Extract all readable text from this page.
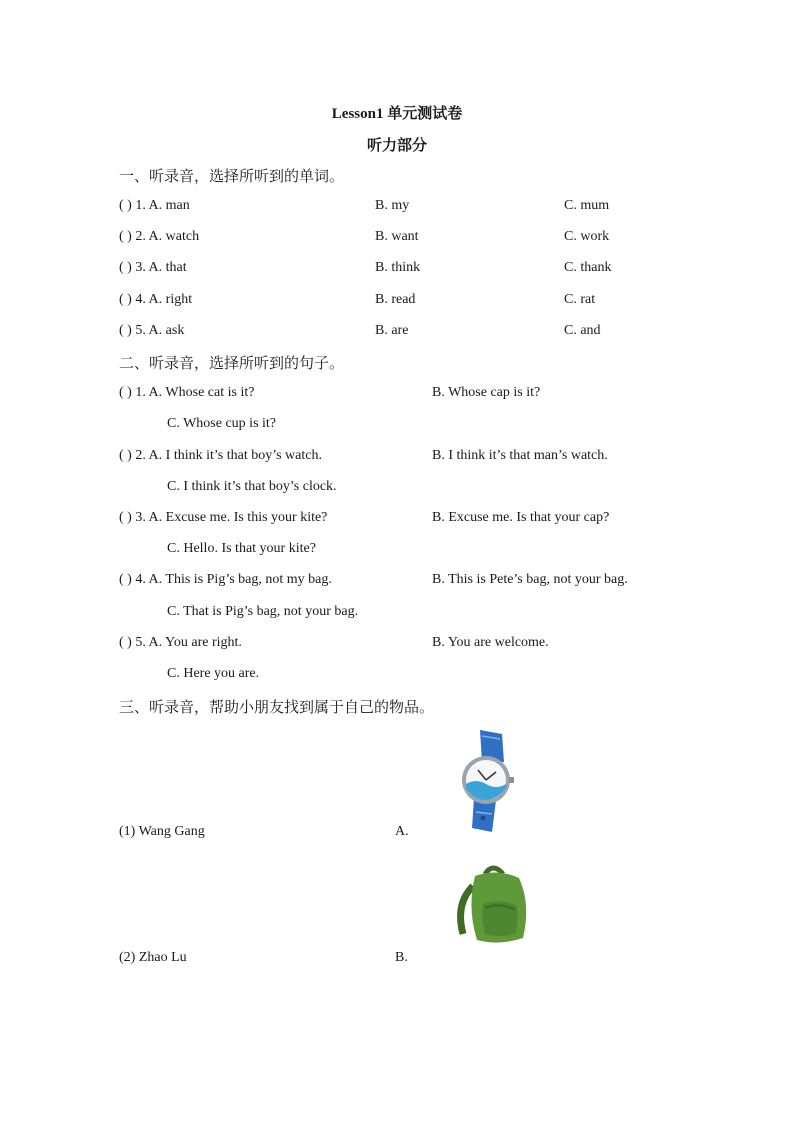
Lesson1 单元测试卷
听力部分
一、听录音，选择所听到的单词。
( ) 1. A. man	B. my	C. mum
( ) 2. A. watch	B. want	C. work
( ) 3. A. that	B. think	C. thank
( ) 4. A. right	B. read	C. rat
( ) 5. A. ask	B. are	C. and
二、听录音，选择所听到的句子。
( ) 1. A. Whose cat is it?	B. Whose cap is it?
C. Whose cup is it?
( ) 2. A. I think it’s that boy’s watch.	B. I think it’s that man’s watch.
C. I think it’s that boy’s clock.
( ) 3. A. Excuse me. Is this your kite?	B. Excuse me. Is that your cap?
C. Hello. Is that your kite?
( ) 4. A. This is Pig’s bag, not my bag.	B. This is Pete’s bag, not your bag.
C. That is Pig’s bag, not your bag.
( ) 5. A. You are right.	B. You are welcome.
C. Here you are.
三、听录音，帮助小朋友找到属于自己的物品。
(1) Wang Gang	A.
(2) Zhao Lu	B.
